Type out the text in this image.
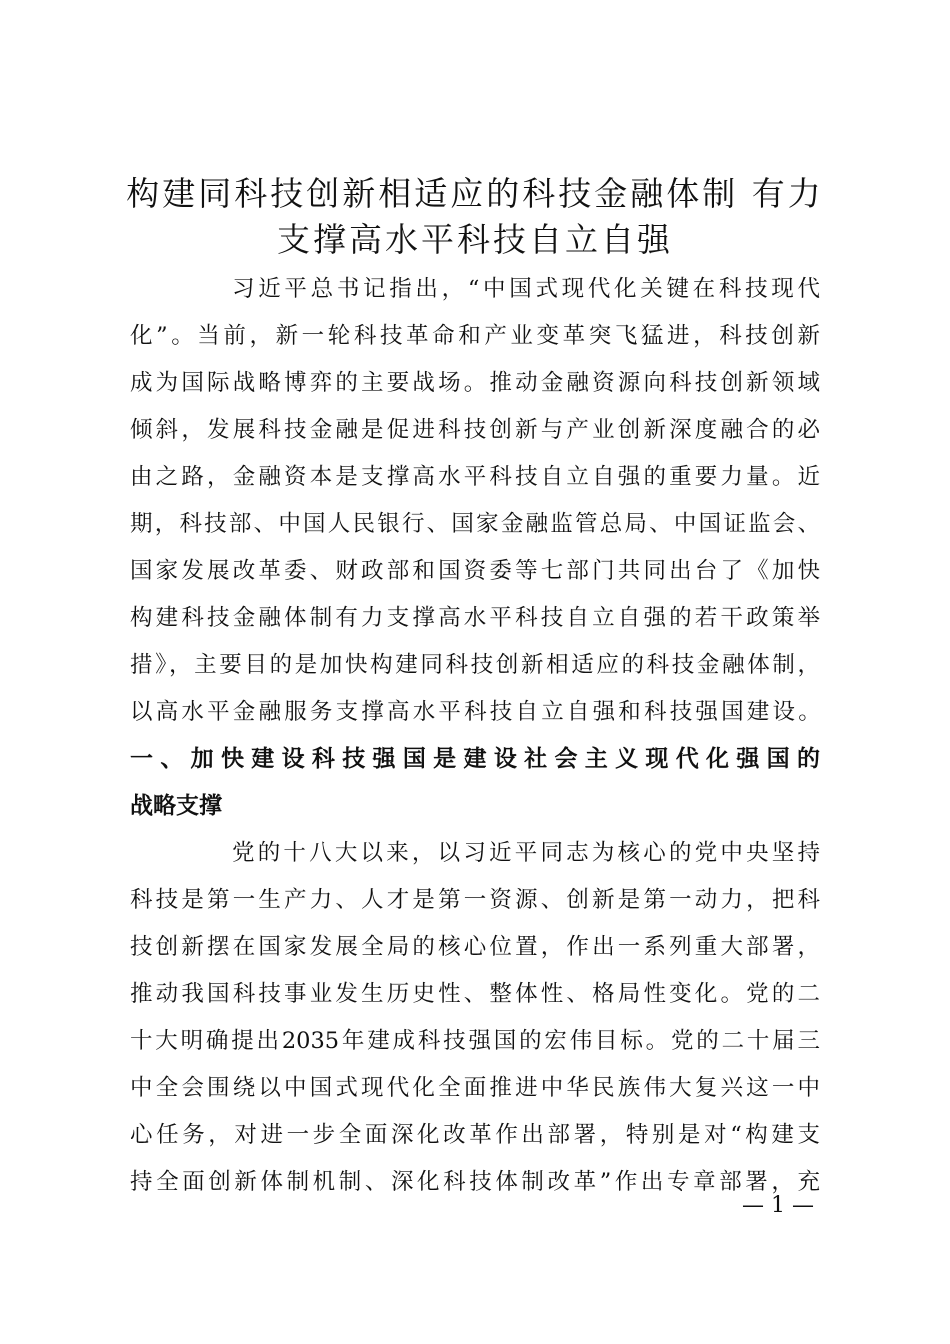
构建同科技创新相适应的科技金融体制 有力
支撑高水平科技自立自强

习近平总书记指出，“中国式现代化关键在科技现代

化”。当前，新一轮科技革命和产业变革突飞猛进，科技创新

成为国际战略博弈的主要战场。推动金融资源向科技创新领域

倾斜，发展科技金融是促进科技创新与产业创新深度融合的必

由之路，金融资本是支撑高水平科技自立自强的重要力量。近

期，科技部、中国人民银行、国家金融监管总局、中国证监会、

国家发展改革委、财政部和国资委等七部门共同出台了《加快

构建科技金融体制有力支撑高水平科技自立自强的若干政策举

措》，主要目的是加快构建同科技创新相适应的科技金融体制，

以高水平金融服务支撑高水平科技自立自强和科技强国建设。

一、加快建设科技强国是建设社会主义现代化强国的
战略支撑

党的十八大以来，以习近平同志为核心的党中央坚持

科技是第一生产力、人才是第一资源、创新是第一动力，把科

技创新摆在国家发展全局的核心位置，作出一系列重大部署，

推动我国科技事业发生历史性、整体性、格局性变化。党的二

十大明确提出2035年建成科技强国的宏伟目标。党的二十届三

中全会围绕以中国式现代化全面推进中华民族伟大复兴这一中

心任务，对进一步全面深化改革作出部署，特别是对“构建支

持全面创新体制机制、深化科技体制改革”作出专章部署，充

— 1 —
